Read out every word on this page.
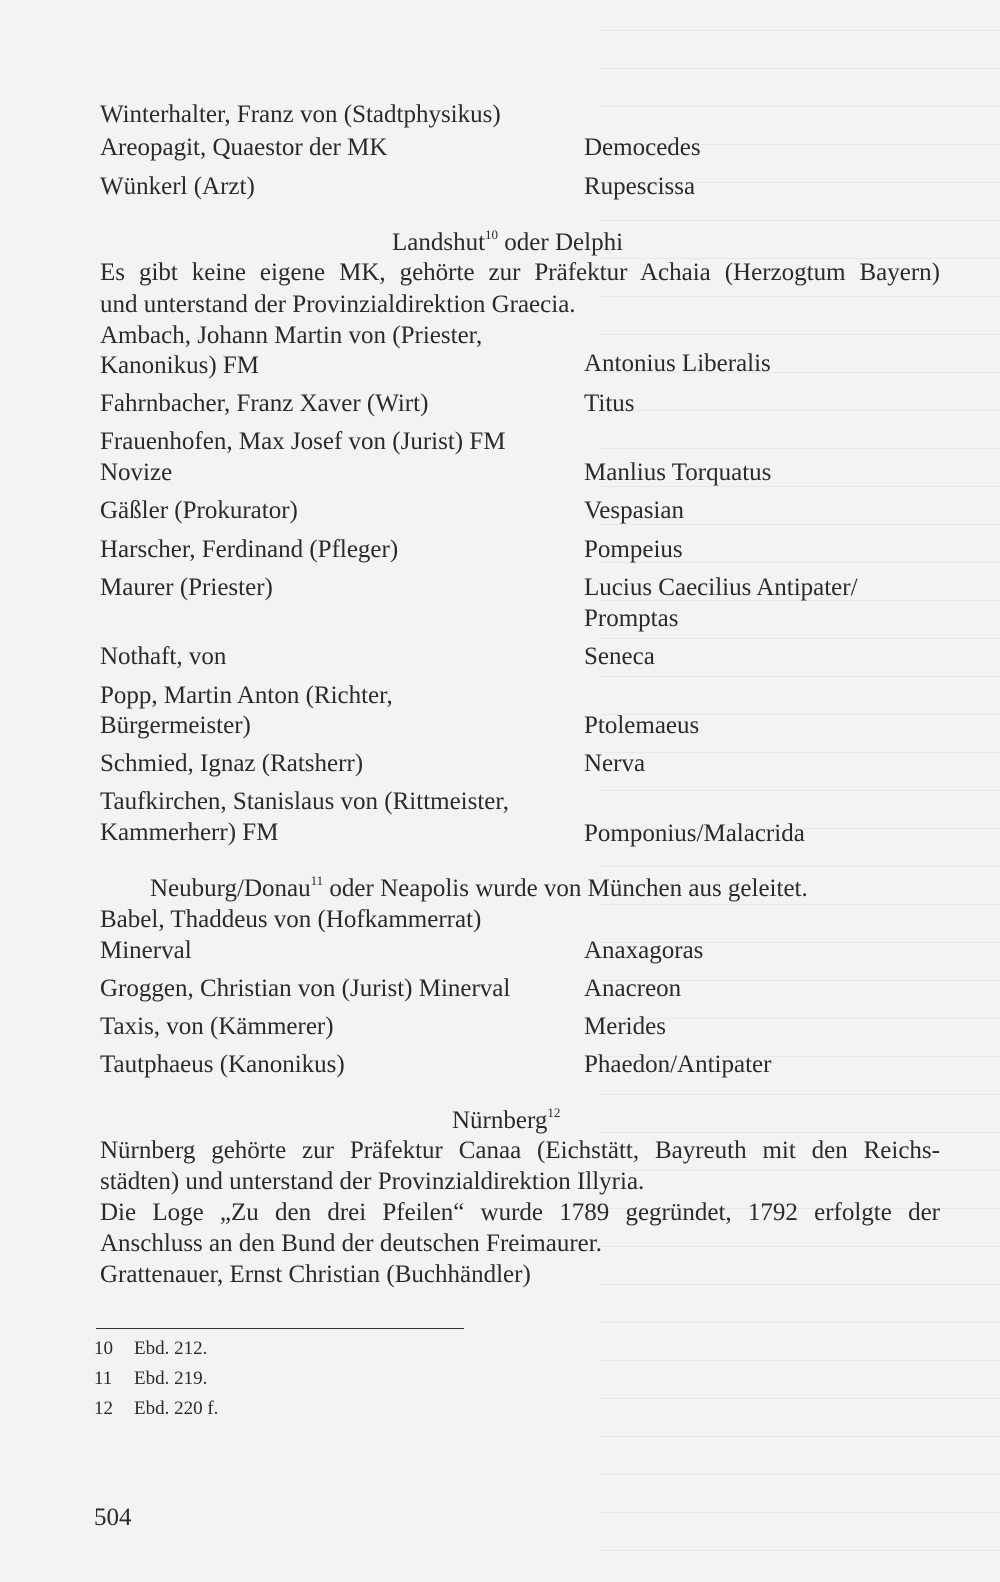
Winterhalter, Franz von (Stadtphysikus)
Areopagit, Quaestor der MK	Democedes
Wünkerl (Arzt)	Rupescissa
Landshut$^{10}$ oder Delphi
Es gibt keine eigene MK, gehörte zur Präfektur Achaia (Herzogtum Bayern)
und unterstand der Provinzialdirektion Graecia.
Ambach, Johann Martin von (Priester,
Kanonikus) FM	Antonius Liberalis
Fahrnbacher, Franz Xaver (Wirt)	Titus
Frauenhofen, Max Josef von (Jurist) FM
Novize	Manlius Torquatus
Gäßler (Prokurator)	Vespasian
Harscher, Ferdinand (Pfleger)	Pompeius
Maurer (Priester)	Lucius Caecilius Antipater/
Promptas
Nothaft, von	Seneca
Popp, Martin Anton (Richter,
Bürgermeister)	Ptolemaeus
Schmied, Ignaz (Ratsherr)	Nerva
Taufkirchen, Stanislaus von (Rittmeister,
Kammerherr) FM	Pomponius/Malacrida
Neuburg/Donau$^{11}$ oder Neapolis wurde von München aus geleitet.
Babel, Thaddeus von (Hofkammerrat)
Minerval	Anaxagoras
Groggen, Christian von (Jurist) Minerval	Anacreon
Taxis, von (Kämmerer)	Merides
Tautphaeus (Kanonikus)	Phaedon/Antipater
Nürnberg$^{12}$
Nürnberg gehörte zur Präfektur Canaa (Eichstätt, Bayreuth mit den Reichs-
städten) und unterstand der Provinzialdirektion Illyria.
Die Loge „Zu den drei Pfeilen“ wurde 1789 gegründet, 1792 erfolgte der
Anschluss an den Bund der deutschen Freimaurer.
Grattenauer, Ernst Christian (Buchhändler)
10 Ebd. 212.
11 Ebd. 219.
12 Ebd. 220 f.
504
